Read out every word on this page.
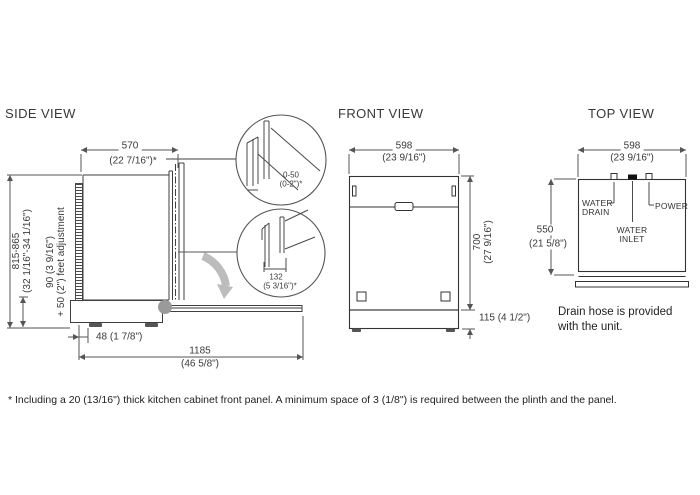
SIDE VIEW	FRONT VIEW	TOP VIEW
570
(22 7/16")*
815-865 (32 1/16"-34 1/16") 90 (3 9/16") + 50 (2") feet adjustment
48 (1 7/8")
1185
(46 5/8")
0-50
(0-2")*
132
(5 3/16")*
598
(23 9/16")
700 (27 9/16")
115 (4 1/2")
598
(23 9/16")
550
(21 5/8")
WATER
DRAIN
POWER
WATER
INLET
Drain hose is provided
with the unit.
* Including a 20 (13/16") thick kitchen cabinet front panel. A minimum space of 3 (1/8") is required between the plinth and the panel.
